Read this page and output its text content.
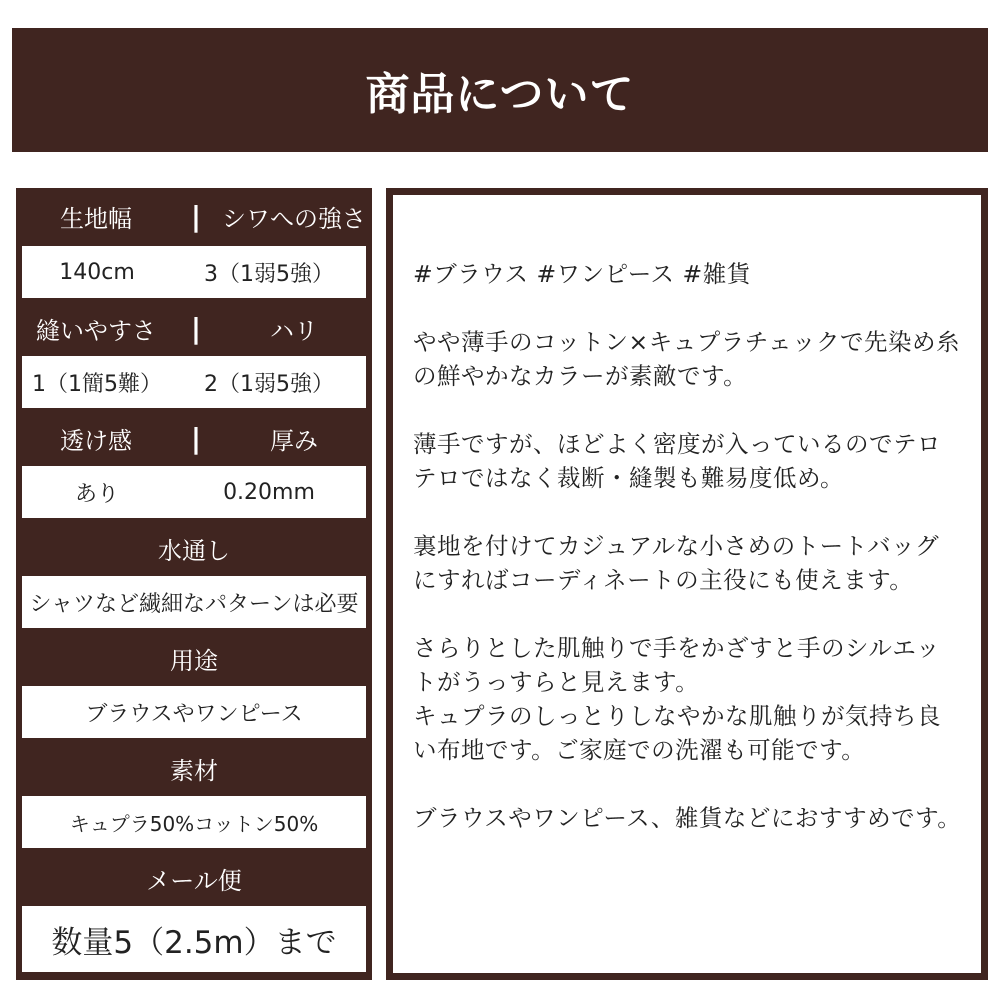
商品について
生地幅	| シワへの強さ
140cm	3（1弱5強）
縫いやすさ	|	ハリ
1（1簡5難）	2（1弱5強）
透け感	|	厚み
あり	0.20mm
水通し
シャツなど繊細なパターンは必要
用途
ブラウスやワンピース
素材
キュプラ50%コットン50%
メール便
数量5（2.5m）まで
#ブラウス #ワンピース #雑貨

やや薄手のコットン×キュプラチェックで先染め糸の鮮やかなカラーが素敵です。

薄手ですが、ほどよく密度が入っているのでテロテロではなく裁断・縫製も難易度低め。

裏地を付けてカジュアルな小さめのトートバッグにすればコーディネートの主役にも使えます。

さらりとした肌触りで手をかざすと手のシルエットがうっすらと見えます。
キュプラのしっとりしなやかな肌触りが気持ち良い布地です。ご家庭での洗濯も可能です。

ブラウスやワンピース、雑貨などにおすすめです。
